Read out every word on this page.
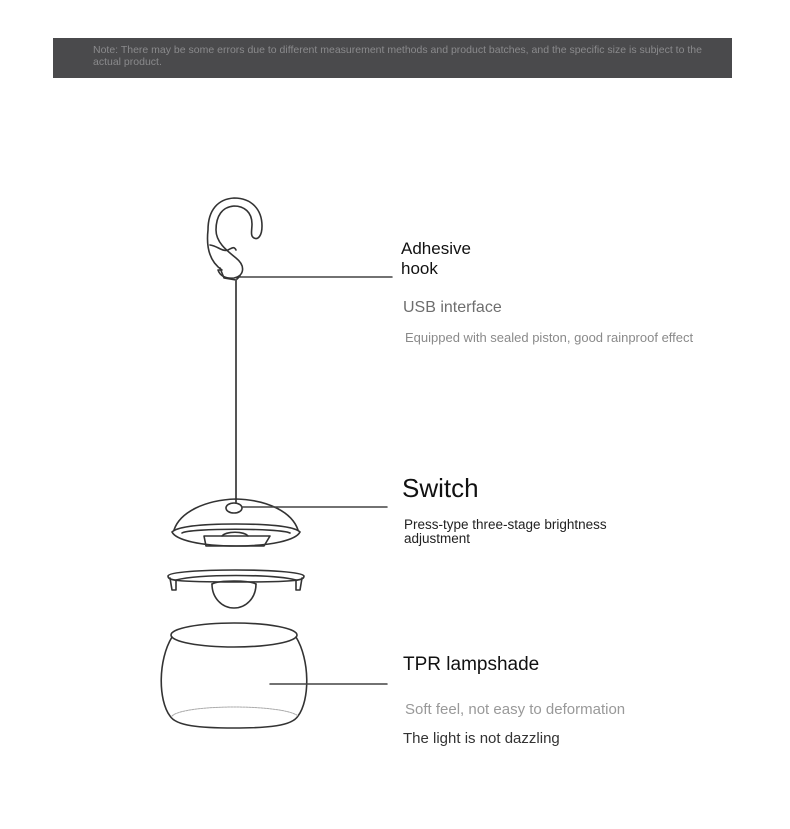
Note: There may be some errors due to different measurement methods and product batches, and the specific size is subject to the actual product.
Adhesive
hook
USB interface
Equipped with sealed piston, good rainproof effect
Switch
Press-type three-stage brightness
adjustment
TPR lampshade
Soft feel, not easy to deformation
The light is not dazzling
